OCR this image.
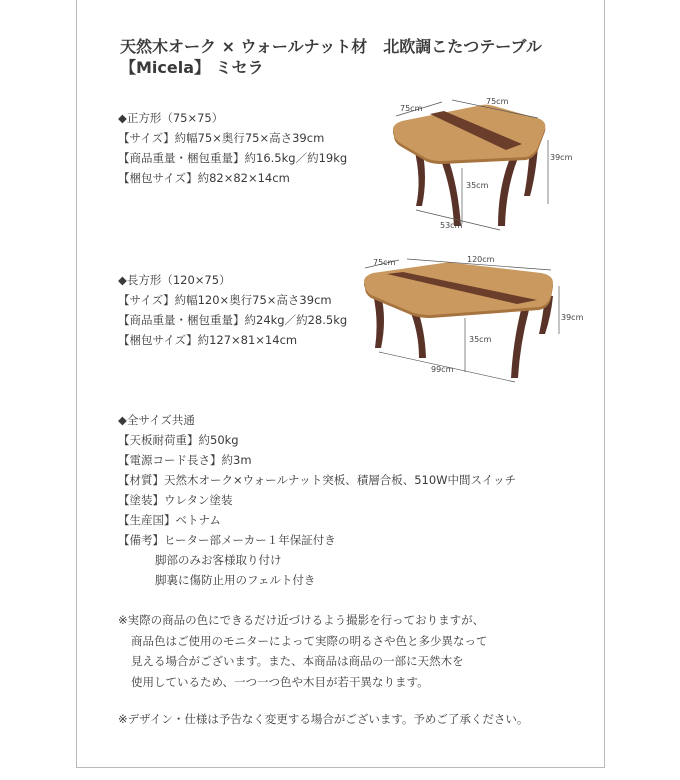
天然木オーク × ウォールナット材　北欧調こたつテーブル
【Micela】 ミセラ
◆正方形（75×75）
【サイズ】約幅75×奥行75×高さ39cm
【商品重量・梱包重量】約16.5kg／約19kg
【梱包サイズ】約82×82×14cm
75cm
75cm
39cm
35cm
53cm
◆長方形（120×75）
【サイズ】約幅120×奥行75×高さ39cm
【商品重量・梱包重量】約24kg／約28.5kg
【梱包サイズ】約127×81×14cm
75cm	120cm
39cm
35cm
99cm
◆全サイズ共通
【天板耐荷重】約50kg
【電源コード長さ】約3m
【材質】天然木オーク×ウォールナット突板、積層合板、510W中間スイッチ
【塗装】ウレタン塗装
【生産国】ベトナム
【備考】ヒーター部メーカー１年保証付き
脚部のみお客様取り付け
脚裏に傷防止用のフェルト付き
※実際の商品の色にできるだけ近づけるよう撮影を行っておりますが、
商品色はご使用のモニターによって実際の明るさや色と多少異なって
見える場合がございます。また、本商品は商品の一部に天然木を
使用しているため、一つ一つ色や木目が若干異なります。
※デザイン・仕様は予告なく変更する場合がございます。予めご了承ください。
